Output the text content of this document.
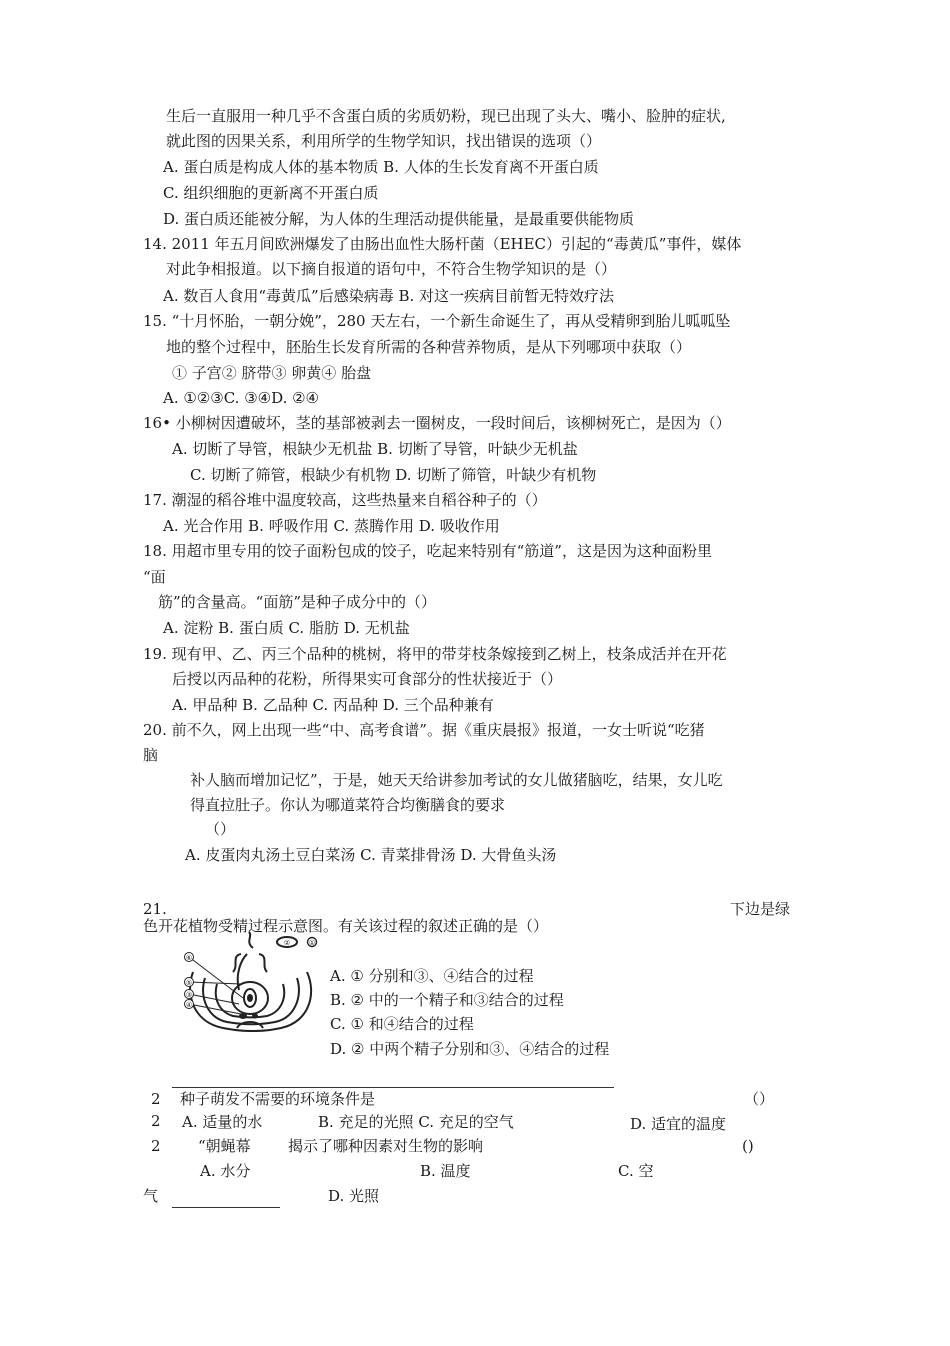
生后一直服用一种几乎不含蛋白质的劣质奶粉，现已出现了头大、嘴小、脸肿的症状,
就此图的因果关系，利用所学的生物学知识，找出错误的选项（）
A. 蛋白质是构成人体的基本物质 B. 人体的生长发育离不开蛋白质
C. 组织细胞的更新离不开蛋白质
D. 蛋白质还能被分解，为人体的生理活动提供能量，是最重要供能物质
14. 2011 年五月间欧洲爆发了由肠出血性大肠杆菌（EHEC）引起的“毒黄瓜”事件，媒体
对此争相报道。以下摘自报道的语句中，不符合生物学知识的是（）
A. 数百人食用“毒黄瓜”后感染病毒 B. 对这一疾病目前暂无特效疗法
15. “十月怀胎，一朝分娩”，280 天左右，一个新生命诞生了，再从受精卵到胎儿呱呱坠
地的整个过程中，胚胎生长发育所需的各种营养物质，是从下列哪项中获取（）
① 子宫② 脐带③ 卵黄④ 胎盘
A. ①②③C. ③④D. ②④
16• 小柳树因遭破坏，茎的基部被剥去一圈树皮，一段时间后，该柳树死亡，是因为（）
A. 切断了导管，根缺少无机盐 B. 切断了导管，叶缺少无机盐
C. 切断了筛管，根缺少有机物 D. 切断了筛管，叶缺少有机物
17. 潮湿的稻谷堆中温度较高，这些热量来自稻谷种子的（）
A. 光合作用 B. 呼吸作用 C. 蒸腾作用 D. 吸收作用
18. 用超市里专用的饺子面粉包成的饺子，吃起来特别有“筋道”，这是因为这种面粉里
“面
筋”的含量高。“面筋”是种子成分中的（）
A. 淀粉 B. 蛋白质 C. 脂肪 D. 无机盐
19. 现有甲、乙、丙三个品种的桃树，将甲的带芽枝条嫁接到乙树上，枝条成活并在开花
后授以丙品种的花粉，所得果实可食部分的性状接近于（）
A. 甲品种 B. 乙品种 C. 丙品种 D. 三个品种兼有
20. 前不久，网上出现一些“中、高考食谱”。据《重庆晨报》报道，一女士听说“吃猪
脑
补人脑而增加记忆”，于是，她天天给讲参加考试的女儿做猪脑吃，结果，女儿吃
得直拉肚子。你认为哪道菜符合均衡膳食的要求
（）
A. 皮蛋肉丸汤土豆白菜汤 C. 青菜排骨汤 D. 大骨鱼头汤
21.	下边是绿
色开花植物受精过程示意图。有关该过程的叙述正确的是（）
①
②
⑥
⑤
③
④
A. ① 分别和③、④结合的过程
B. ② 中的一个精子和③结合的过程
C. ① 和④结合的过程
D. ② 中两个精子分别和③、④结合的过程
2 种子萌发不需要的环境条件是	（）
2 A. 适量的水	B. 充足的光照 C. 充足的空气	D. 适宜的温度
2 “朝蝇幕 揭示了哪种因素对生物的影响	()
A. 水分	B. 温度	C. 空
气	D. 光照
